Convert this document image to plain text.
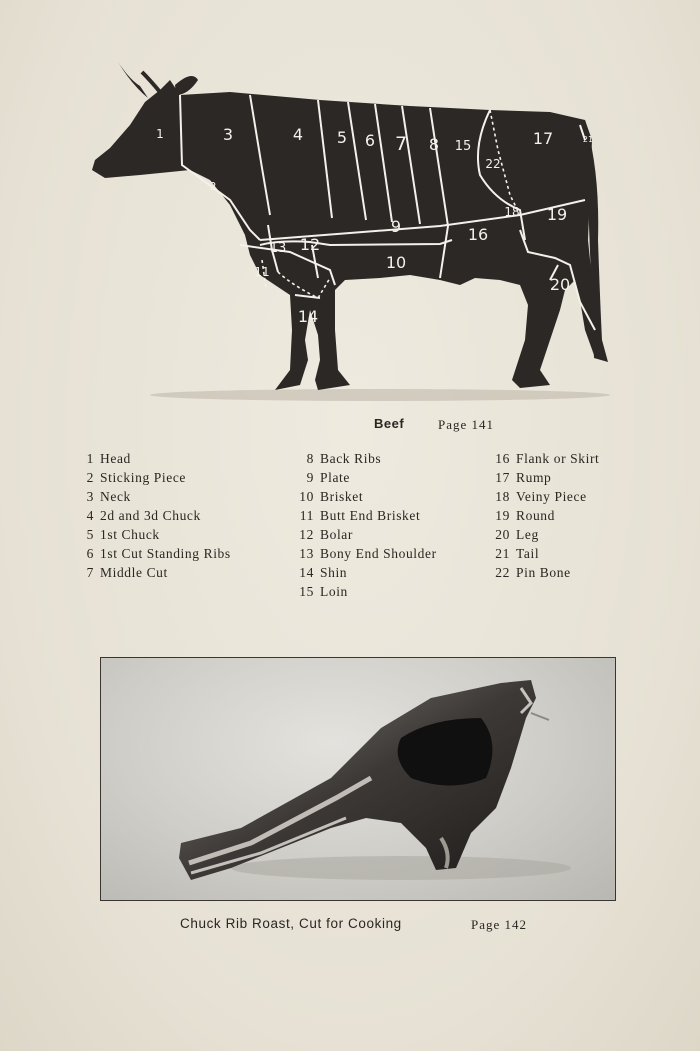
1
2
3	4 5 6 7 8 15
22
17	21
9
18 19
13 12
11
16
10
20
14
Beef	Page 141
1 Head
2 Sticking Piece
3 Neck
4 2d and 3d Chuck
5 1st Chuck
6 1st Cut Standing Ribs
7 Middle Cut
8 Back Ribs
9 Plate
10 Brisket
11 Butt End Brisket
12 Bolar
13 Bony End Shoulder
14 Shin
15 Loin
16 Flank or Skirt
17 Rump
18 Veiny Piece
19 Round
20 Leg
21 Tail
22 Pin Bone
Chuck Rib Roast, Cut for Cooking	Page 142
